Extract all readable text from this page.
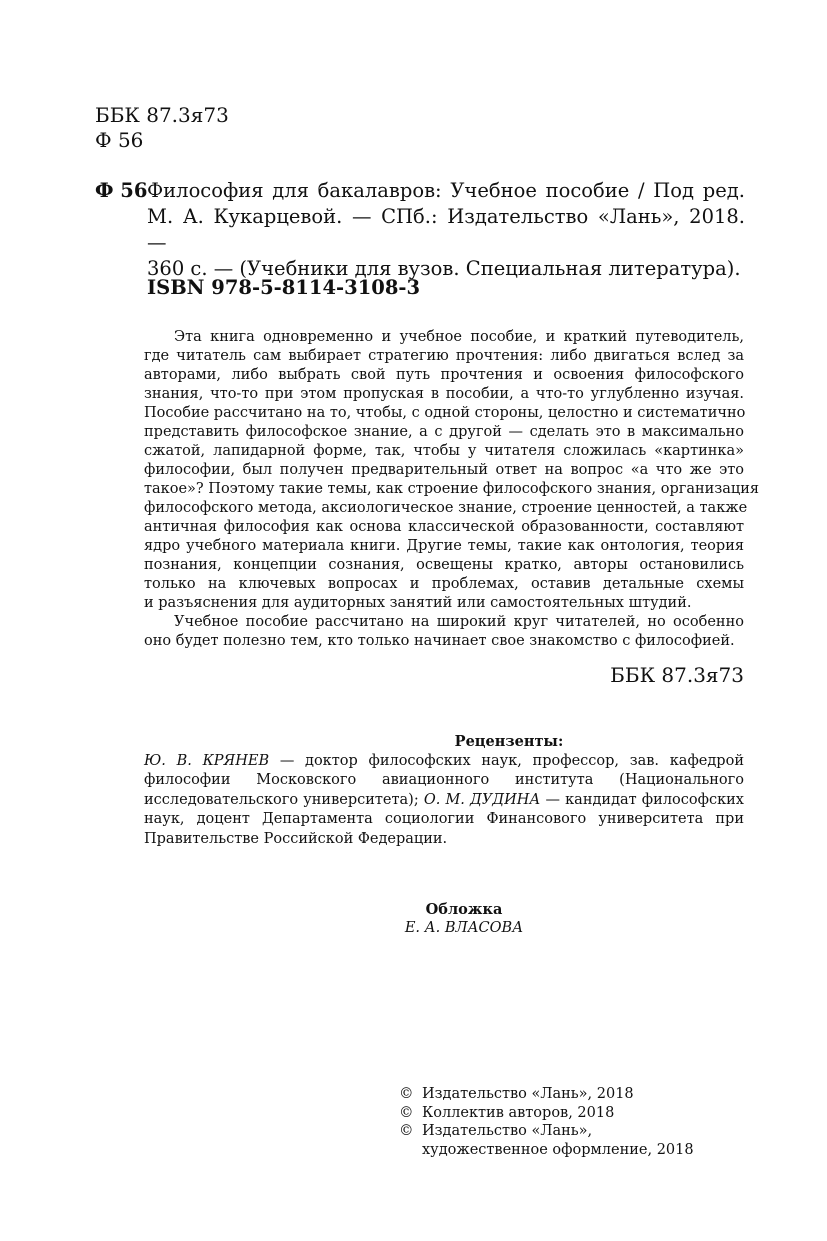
ББК 87.3я73
Ф 56
Ф 56 Философия для бакалавров: Учебное пособие / Под ред.
М. А. Кукарцевой. — СПб.: Издательство «Лань», 2018. —
360 с. — (Учебники для вузов. Специальная литература).
ISBN 978-5-8114-3108-3

Эта книга одновременно и учебное пособие, и краткий путеводитель,
где читатель сам выбирает стратегию прочтения: либо двигаться вслед за
авторами, либо выбрать свой путь прочтения и освоения философского
знания, что-то при этом пропуская в пособии, а что-то углубленно изучая.
Пособие рассчитано на то, чтобы, с одной стороны, целостно и систематично
представить философское знание, а с другой — сделать это в максимально
сжатой, лапидарной форме, так, чтобы у читателя сложилась «картинка»
философии, был получен предварительный ответ на вопрос «а что же это
такое»? Поэтому такие темы, как строение философского знания, организация
философского метода, аксиологическое знание, строение ценностей, а также
античная философия как основа классической образованности, составляют
ядро учебного материала книги. Другие темы, такие как онтология, теория
познания, концепции сознания, освещены кратко, авторы остановились
только на ключевых вопросах и проблемах, оставив детальные схемы
и разъяснения для аудиторных занятий или самостоятельных штудий.

Учебное пособие рассчитано на широкий круг читателей, но особенно
оно будет полезно тем, кто только начинает свое знакомство с философией.

ББК 87.3я73
Рецензенты:
Ю. В. КРЯНЕВ — доктор философских наук, профессор, зав. кафедрой
философии Московского авиационного института (Национального
исследовательского университета); О. М. ДУДИНА — кандидат философских
наук, доцент Департамента социологии Финансового университета при
Правительстве Российской Федерации.
Обложка
Е. А. ВЛАСОВА
© Издательство «Лань», 2018
© Коллектив авторов, 2018
© Издательство «Лань»,
художественное оформление, 2018
